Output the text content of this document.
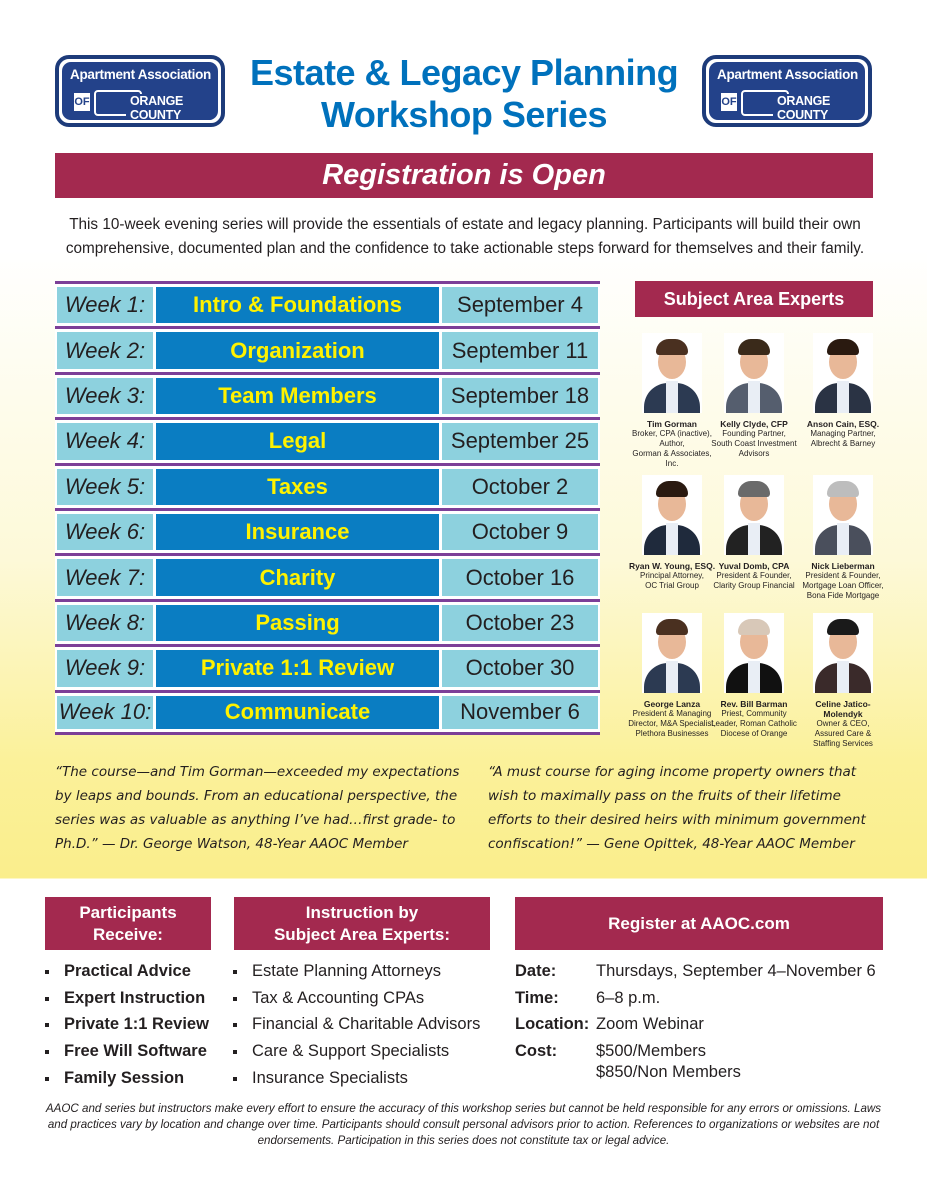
Apartment Association
OF	ORANGE COUNTY
Apartment Association
OF	ORANGE COUNTY
Estate & Legacy Planning
Workshop Series
Registration is Open
This 10-week evening series will provide the essentials of estate and legacy planning. Participants will build their own comprehensive, documented plan and the confidence to take actionable steps forward for themselves and their family.
Week 1:	Intro & Foundations	September 4
Week 2:	Organization	September 11
Week 3:	Team Members	September 18
Week 4:	Legal	September 25
Week 5:	Taxes	October 2
Week 6:	Insurance	October 9
Week 7:	Charity	October 16
Week 8:	Passing	October 23
Week 9:	Private 1:1 Review	October 30
Week 10:	Communicate	November 6
Subject Area Experts
Tim Gorman
Broker, CPA (inactive),
Author,
Gorman & Associates, Inc.
Kelly Clyde, CFP
Founding Partner,
South Coast Investment
Advisors
Anson Cain, ESQ.
Managing Partner,
Albrecht & Barney
Ryan W. Young, ESQ.
Principal Attorney,
OC Trial Group
Yuval Domb, CPA
President & Founder,
Clarity Group Financial
Nick Lieberman
President & Founder,
Mortgage Loan Officer,
Bona Fide Mortgage
George Lanza
President & Managing
Director, M&A Specialist,
Plethora Businesses
Rev. Bill Barman
Priest, Community
Leader, Roman Catholic
Diocese of Orange
Celine Jatico-Molendyk
Owner & CEO,
Assured Care &
Staffing Services
“The course—and Tim Gorman—exceeded my expectations
by leaps and bounds. From an educational perspective, the
series was as valuable as anything I’ve had…first grade- to
Ph.D.” — Dr. George Watson, 48-Year AAOC Member
“A must course for aging income property owners that
wish to maximally pass on the fruits of their lifetime
efforts to their desired heirs with minimum government
confiscation!” — Gene Opittek, 48-Year AAOC Member
Participants
Receive:
Instruction by
Subject Area Experts:
Register at AAOC.com
Practical Advice
Expert Instruction
Private 1:1 Review
Free Will Software
Family Session
Estate Planning Attorneys
Tax & Accounting CPAs
Financial & Charitable Advisors
Care & Support Specialists
Insurance Specialists
Date: Thursdays, September 4–November 6
Time: 6–8 p.m.
Location: Zoom Webinar
Cost: $500/Members
$850/Non Members
AAOC and series but instructors make every effort to ensure the accuracy of this workshop series but cannot be held responsible for any errors or omissions. Laws and practices vary by location and change over time. Participants should consult personal advisors prior to action. References to organizations or websites are not endorsements. Participation in this series does not constitute tax or legal advice.
